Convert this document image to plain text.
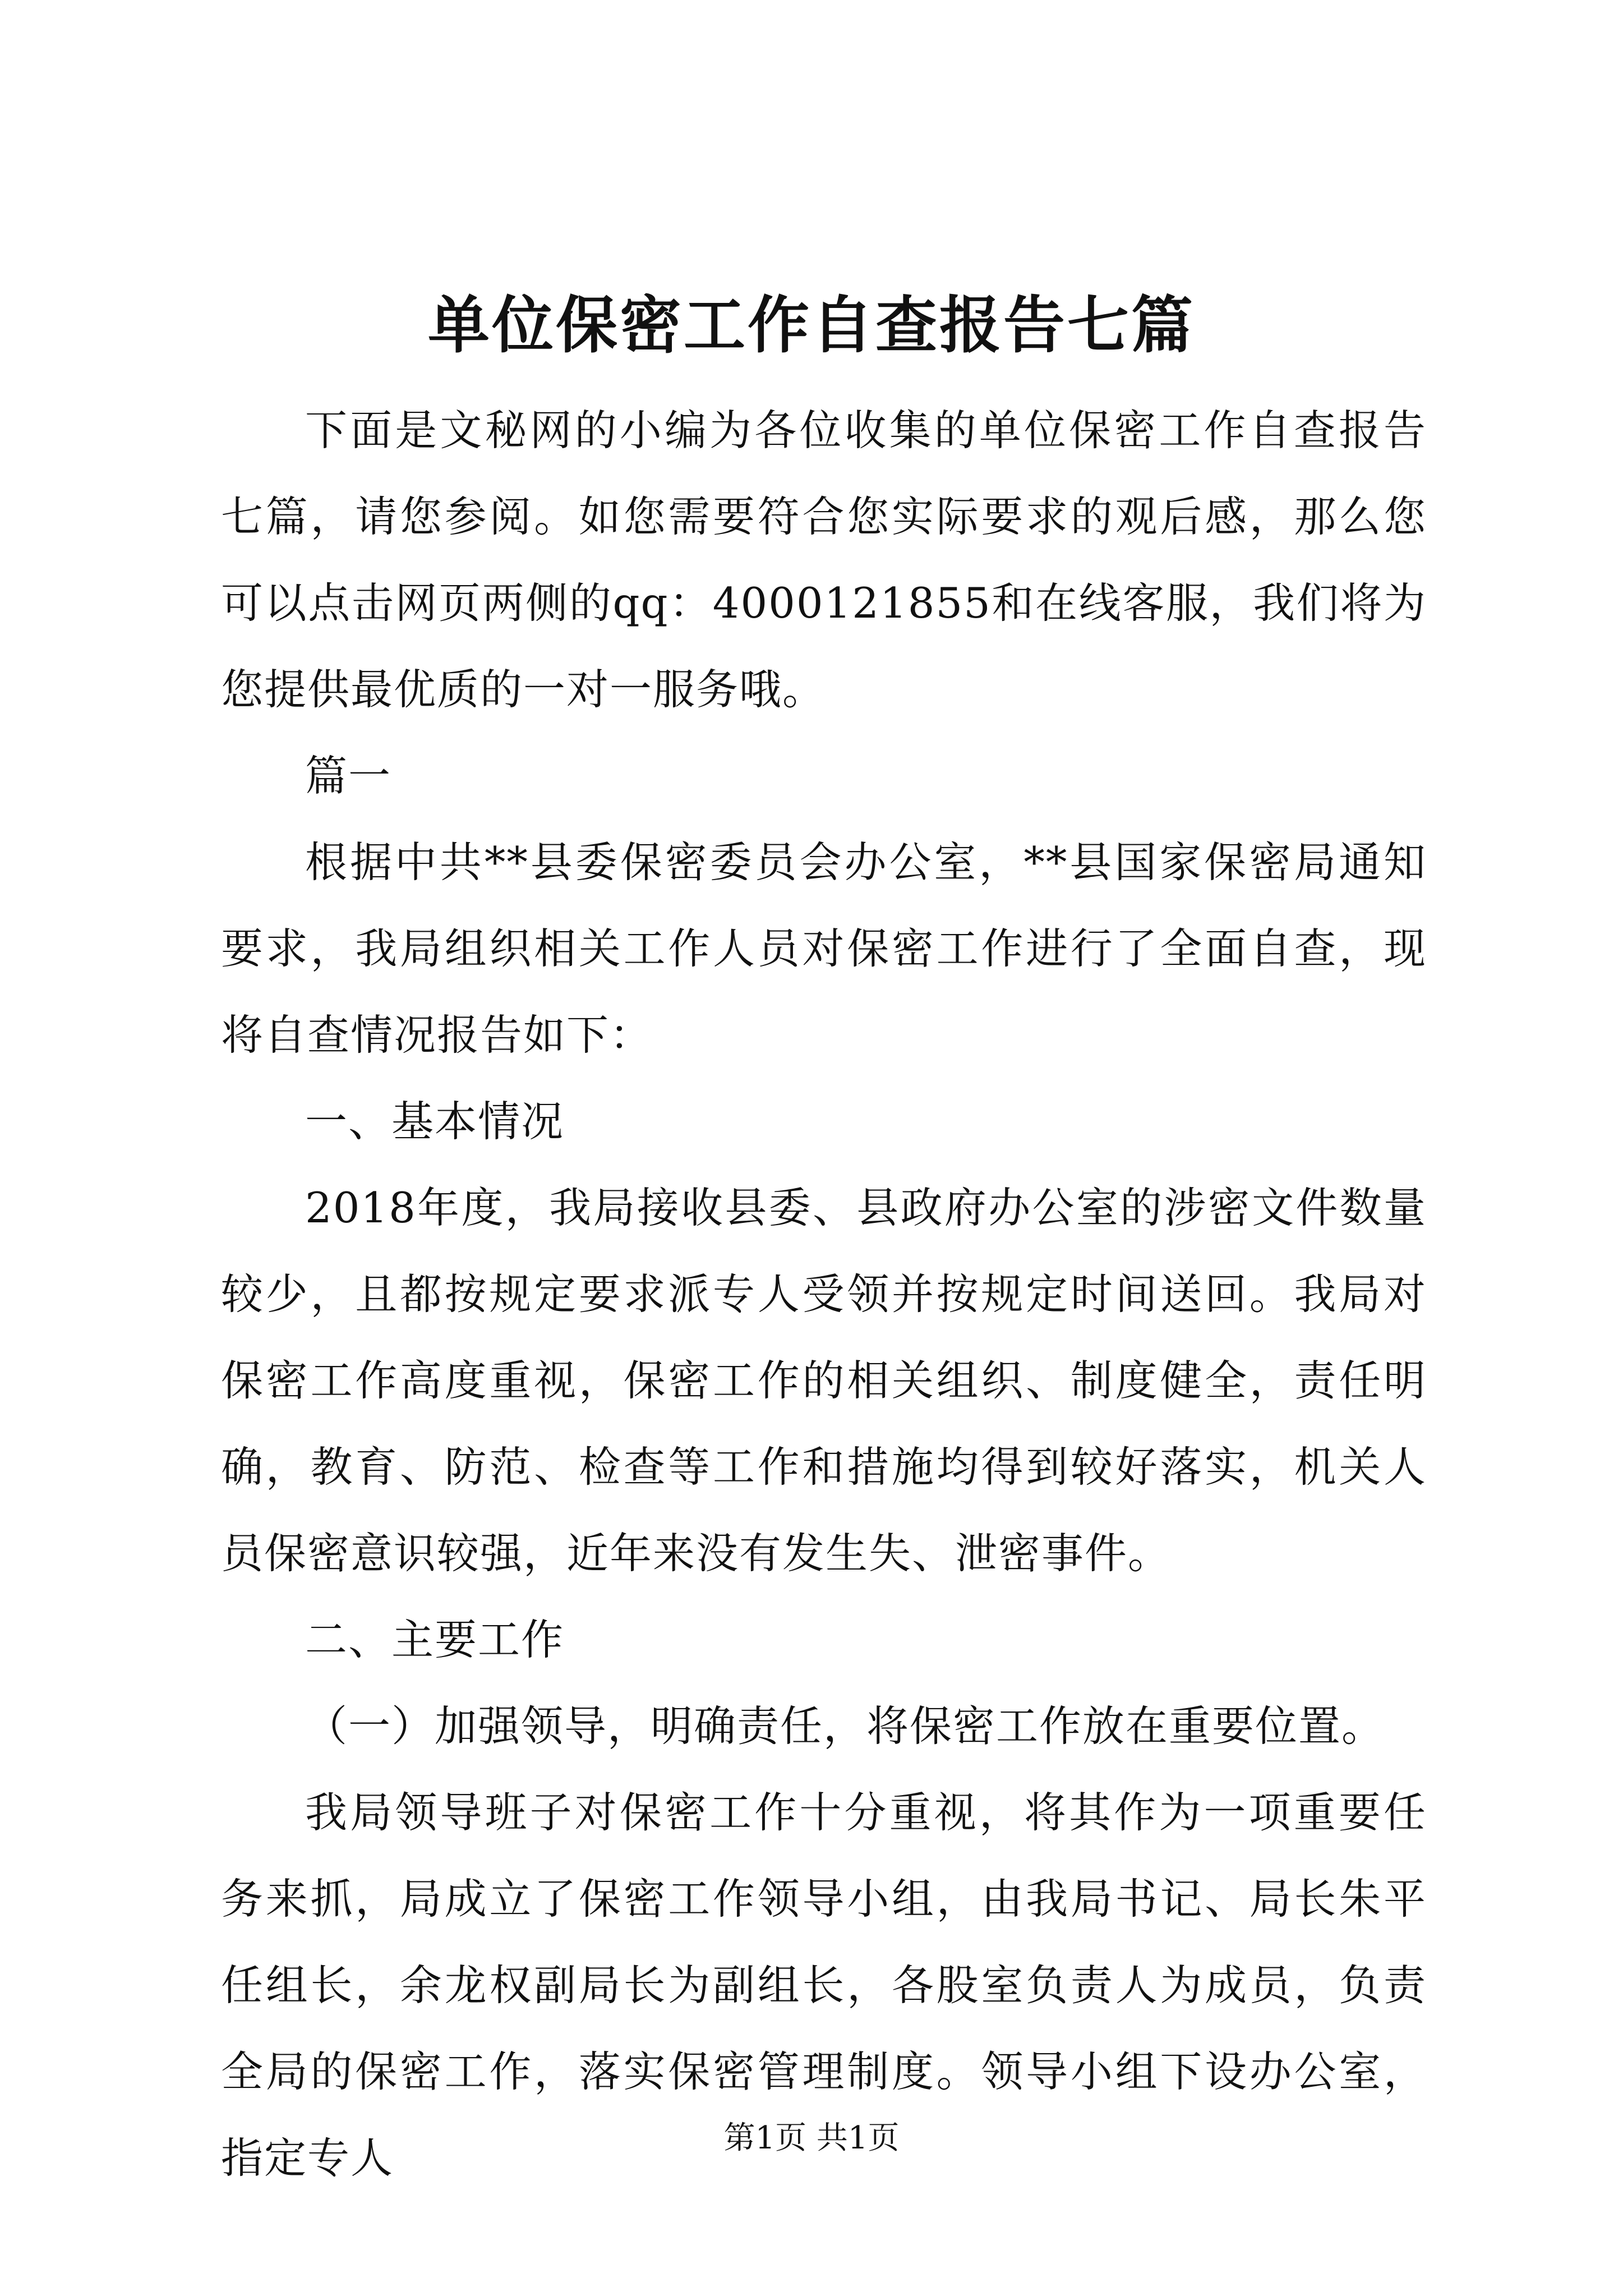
单位保密工作自查报告七篇

下面是文秘网的小编为各位收集的单位保密工作自查报告七篇，请您参阅。如您需要符合您实际要求的观后感，那么您可以点击网页两侧的qq：4000121855和在线客服，我们将为您提供最优质的一对一服务哦。

篇一

根据中共**县委保密委员会办公室，**县国家保密局通知要求，我局组织相关工作人员对保密工作进行了全面自查，现将自查情况报告如下：

一、基本情况

2018年度，我局接收县委、县政府办公室的涉密文件数量较少，且都按规定要求派专人受领并按规定时间送回。我局对保密工作高度重视，保密工作的相关组织、制度健全，责任明确，教育、防范、检查等工作和措施均得到较好落实，机关人员保密意识较强，近年来没有发生失、泄密事件。

二、主要工作

（一）加强领导，明确责任，将保密工作放在重要位置。

我局领导班子对保密工作十分重视，将其作为一项重要任务来抓，局成立了保密工作领导小组，由我局书记、局长朱平任组长，余龙权副局长为副组长，各股室负责人为成员，负责全局的保密工作，落实保密管理制度。领导小组下设办公室，指定专人	第1页 共1页
